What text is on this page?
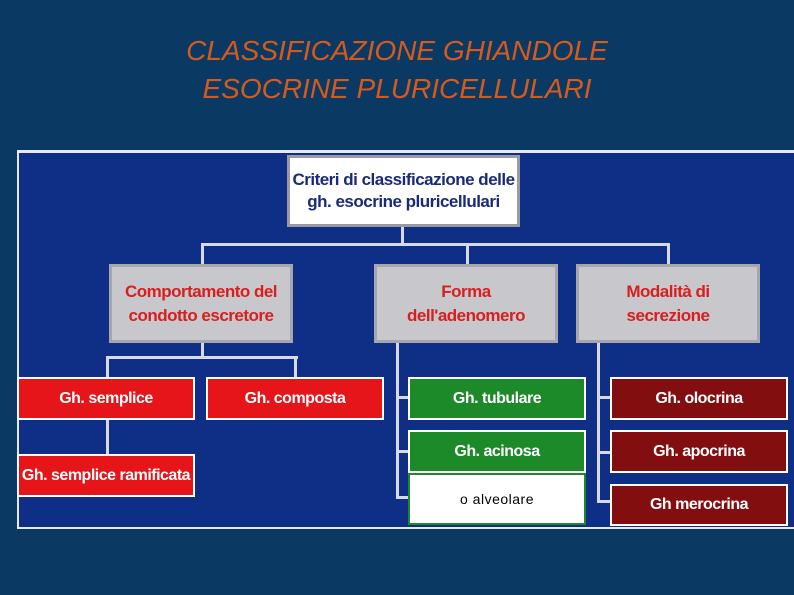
CLASSIFICAZIONE GHIANDOLE
ESOCRINE PLURICELLULARI
Criteri di classificazione delle
gh. esocrine pluricellulari
Comportamento del
condotto escretore
Forma
dell'adenomero
Modalità di
secrezione
Gh. semplice	Gh. composta
Gh. semplice ramificata
Gh. tubulare
Gh. acinosa
o alveolare
Gh. olocrina
Gh. apocrina
Gh merocrina
